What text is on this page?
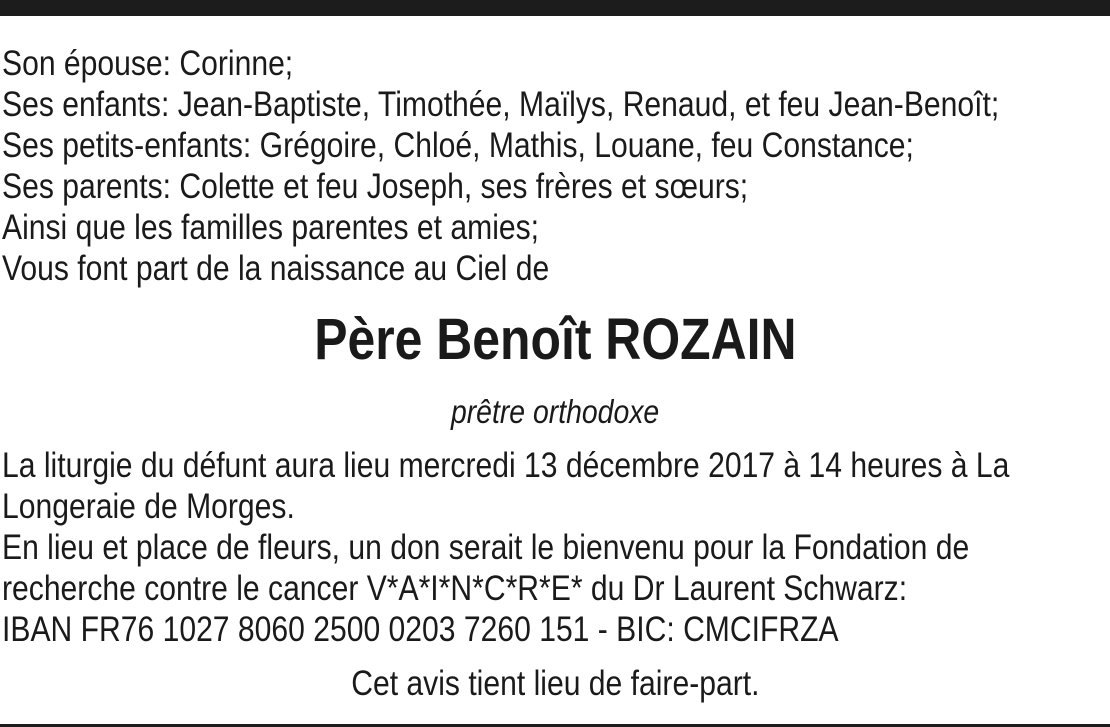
Son épouse: Corinne;
Ses enfants: Jean-Baptiste, Timothée, Maïlys, Renaud, et feu Jean-Benoît;
Ses petits-enfants: Grégoire, Chloé, Mathis, Louane, feu Constance;
Ses parents: Colette et feu Joseph, ses frères et sœurs;
Ainsi que les familles parentes et amies;
Vous font part de la naissance au Ciel de
Père Benoît ROZAIN
prêtre orthodoxe
La liturgie du défunt aura lieu mercredi 13 décembre 2017 à 14 heures à La
Longeraie de Morges.
En lieu et place de fleurs, un don serait le bienvenu pour la Fondation de
recherche contre le cancer V*A*I*N*C*R*E* du Dr Laurent Schwarz:
IBAN FR76 1027 8060 2500 0203 7260 151 - BIC: CMCIFRZA
Cet avis tient lieu de faire-part.
